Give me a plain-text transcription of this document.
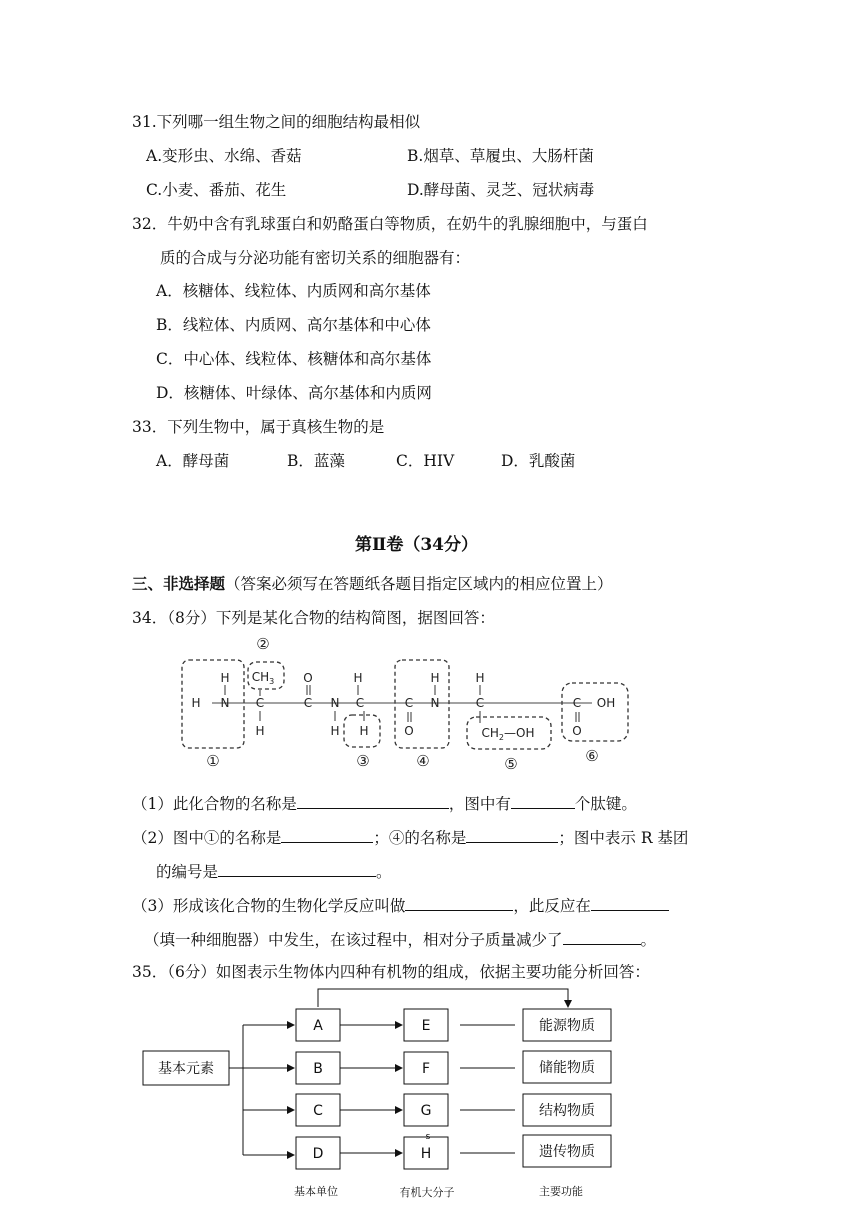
31.下列哪一组生物之间的细胞结构最相似
A.变形虫、水绵、香菇	B.烟草、草履虫、大肠杆菌
C.小麦、番茄、花生	D.酵母菌、灵芝、冠状病毒
32．牛奶中含有乳球蛋白和奶酪蛋白等物质，在奶牛的乳腺细胞中，与蛋白
质的合成与分泌功能有密切关系的细胞器有：
A．核糖体、线粒体、内质网和高尔基体
B．线粒体、内质网、高尔基体和中心体
C．中心体、线粒体、核糖体和高尔基体
D．核糖体、叶绿体、高尔基体和内质网
33．下列生物中，属于真核生物的是
A．酵母菌	B．蓝藻	C．HIV	D．乳酸菌
第Ⅱ卷（34分）
三、非选择题（答案必须写在答题纸各题目指定区域内的相应位置上）
34．（8分）下列是某化合物的结构简图，据图回答：
H
H N C
H
$CH_3$ O
C N
H
H
C
H
C
O
N
H	H
C
$CH_2—OH$
C OH
O
①
②
③	④	⑤	⑥
（1）此化合物的名称是	，图中有	个肽键。
（2）图中①的名称是	；④的名称是	；图中表示 R 基团
的编号是	。
（3）形成该化合物的生物化学反应叫做	，此反应在
（填一种细胞器）中发生，在该过程中，相对分子质量减少了	。
35．（6分）如图表示生物体内四种有机物的组成，依据主要功能分析回答：
基本元素
A
B
C
D
E
F
G
H
s
能源物质
储能物质
结构物质
遗传物质
基本单位	有机大分子	主要功能
